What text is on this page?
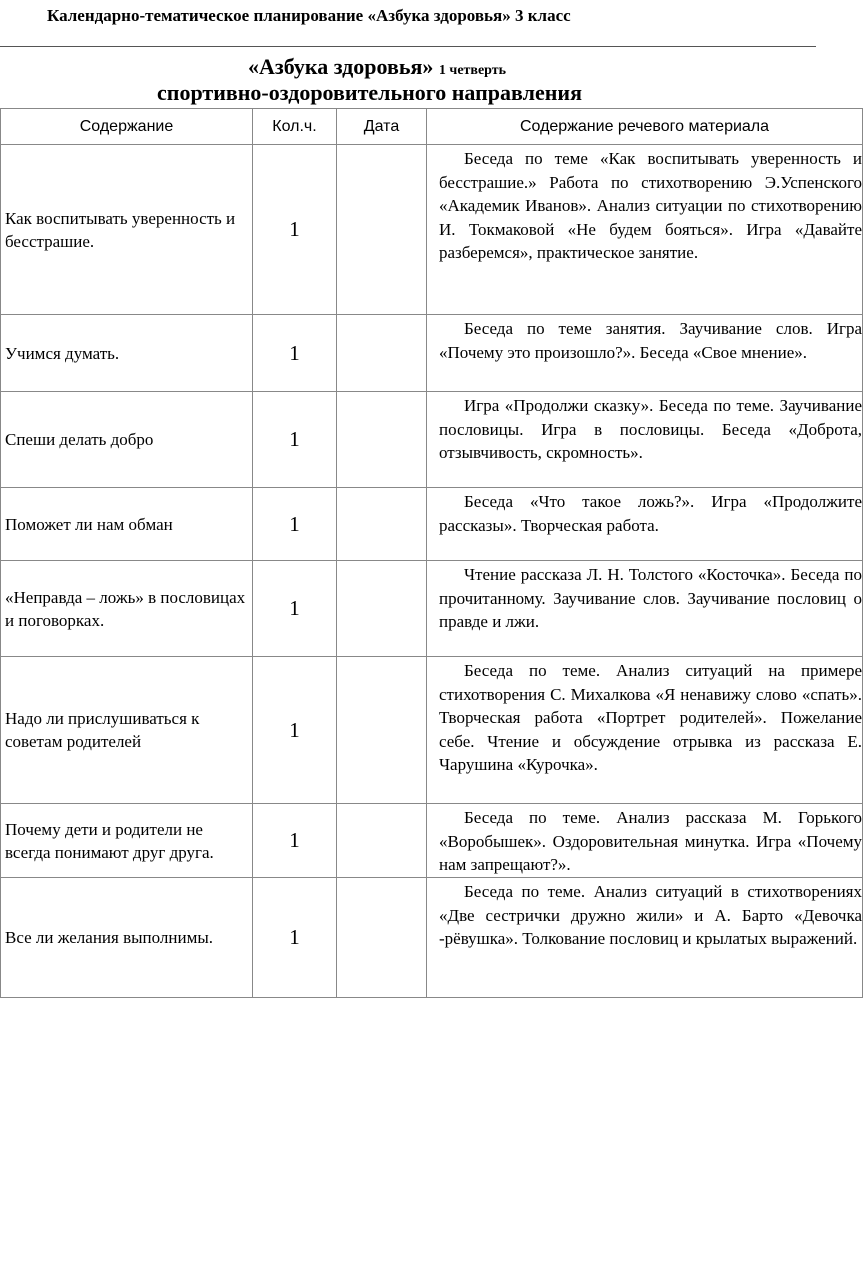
Календарно-тематическое планирование «Азбука здоровья» 3 класс
«Азбука здоровья» 1 четверть
спортивно-оздоровительного направления
Содержание	Кол.ч.	Дата	Содержание речевого материала
Как воспитывать уверенность и бесстрашие.	1		Беседа по теме «Как воспитывать уверенность и бесстрашие.» Работа по стихотворению Э.Успенского «Академик Иванов». Анализ ситуации по стихотворению И. Токмаковой «Не будем бояться». Игра «Давайте разберемся», практическое занятие.
Учимся думать.	1		Беседа по теме занятия. Заучивание слов. Игра «Почему это произошло?». Беседа «Свое мнение».
Спеши делать добро	1		Игра «Продолжи сказку». Беседа по теме. Заучивание пословицы. Игра в пословицы. Беседа «Доброта, отзывчивость, скромность».
Поможет ли нам обман	1		Беседа «Что такое ложь?». Игра «Продолжите рассказы». Творческая работа.
«Неправда – ложь» в пословицах и поговорках.	1		Чтение рассказа Л. Н. Толстого «Косточка». Беседа по прочитанному. Заучивание слов. Заучивание пословиц о правде и лжи.
Надо ли прислушиваться к советам родителей	1		Беседа по теме. Анализ ситуаций на примере стихотворения С. Михалкова «Я ненавижу слово «спать». Творческая работа «Портрет родителей». Пожелание себе. Чтение и обсуждение отрывка из рассказа Е. Чарушина «Курочка».
Почему дети и родители не всегда понимают друг друга.	1		Беседа по теме. Анализ рассказа М. Горького «Воробышек». Оздоровительная минутка. Игра «Почему нам запрещают?».
Все ли желания выполнимы.	1		Беседа по теме. Анализ ситуаций в стихотворениях «Две сестрички дружно жили» и А. Барто «Девочка -рёвушка». Толкование пословиц и крылатых выражений.
